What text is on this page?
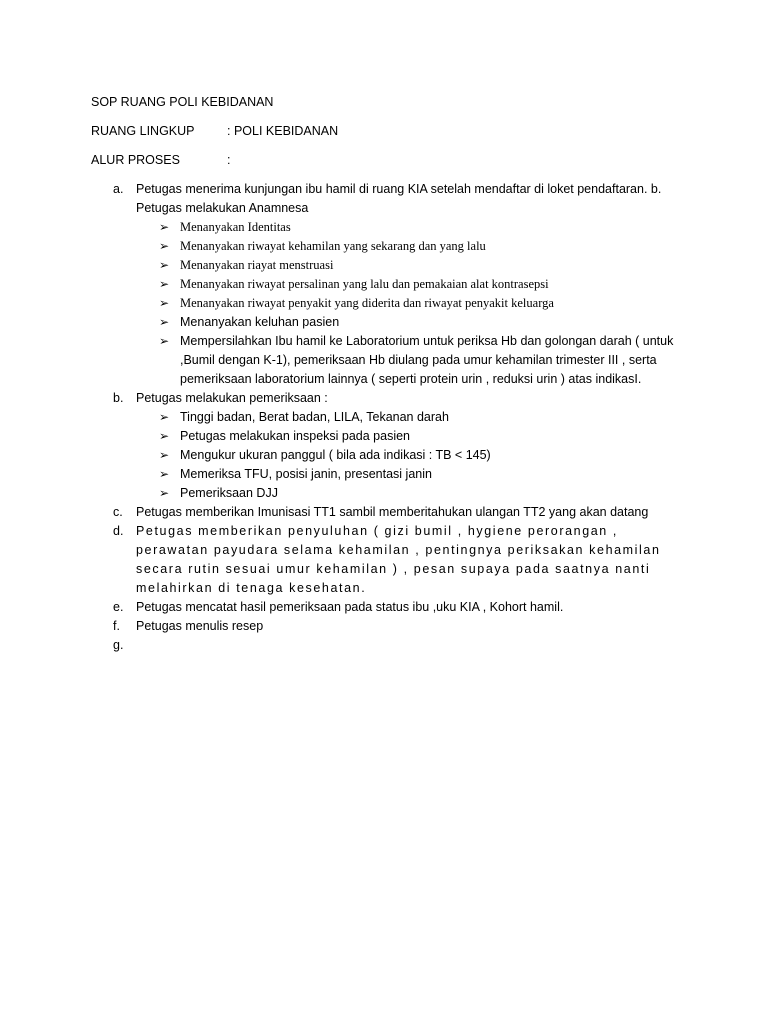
SOP RUANG POLI KEBIDANAN
RUANG LINGKUP	: POLI KEBIDANAN
ALUR PROSES	:
a. Petugas menerima kunjungan ibu hamil di ruang KIA setelah mendaftar di loket pendaftaran. b. Petugas melakukan Anamnesa
➢ Menanyakan Identitas
➢ Menanyakan riwayat kehamilan yang sekarang dan yang lalu
➢ Menanyakan riayat menstruasi
➢ Menanyakan riwayat persalinan yang lalu dan pemakaian alat kontrasepsi
➢ Menanyakan riwayat penyakit yang diderita dan riwayat penyakit keluarga
➢ Menanyakan keluhan pasien
➢ Mempersilahkan Ibu hamil ke Laboratorium untuk periksa Hb dan golongan darah ( untuk ,Bumil dengan K-1), pemeriksaan Hb diulang pada umur kehamilan trimester III , serta pemeriksaan laboratorium lainnya ( seperti protein urin , reduksi urin ) atas indikasI.
b. Petugas melakukan pemeriksaan :
➢ Tinggi badan, Berat badan, LILA, Tekanan darah
➢ Petugas melakukan inspeksi pada pasien
➢ Mengukur ukuran panggul ( bila ada indikasi : TB < 145)
➢ Memeriksa TFU, posisi janin, presentasi janin
➢ Pemeriksaan DJJ
c. Petugas memberikan Imunisasi TT1 sambil memberitahukan ulangan TT2 yang akan datang
d. Petugas memberikan penyuluhan ( gizi bumil , hygiene perorangan , perawatan payudara selama kehamilan , pentingnya periksakan kehamilan secara rutin sesuai umur kehamilan ) , pesan supaya pada saatnya nanti melahirkan di tenaga kesehatan.
e. Petugas mencatat hasil pemeriksaan pada status ibu ,uku KIA , Kohort hamil.
f. Petugas menulis resep
g.
